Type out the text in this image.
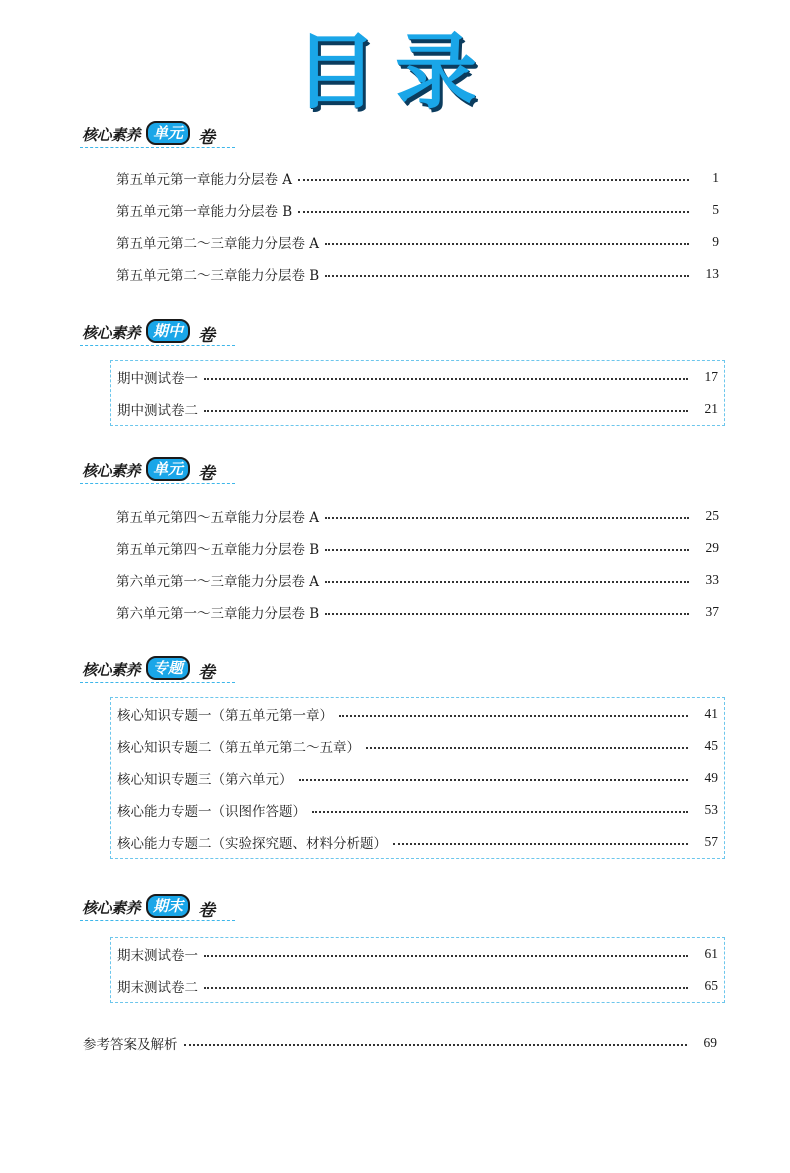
目录
核心素养 单元 卷
第五单元第一章能力分层卷 A	1
第五单元第一章能力分层卷 B	5
第五单元第二～三章能力分层卷 A	9
第五单元第二～三章能力分层卷 B	13
核心素养 期中 卷
期中测试卷一	17
期中测试卷二	21
核心素养 单元 卷
第五单元第四～五章能力分层卷 A	25
第五单元第四～五章能力分层卷 B	29
第六单元第一～三章能力分层卷 A	33
第六单元第一～三章能力分层卷 B	37
核心素养 专题 卷
核心知识专题一（第五单元第一章）	41
核心知识专题二（第五单元第二～五章）	45
核心知识专题三（第六单元）	49
核心能力专题一（识图作答题）	53
核心能力专题二（实验探究题、材料分析题）	57
核心素养 期末 卷
期末测试卷一	61
期末测试卷二	65
参考答案及解析	69
